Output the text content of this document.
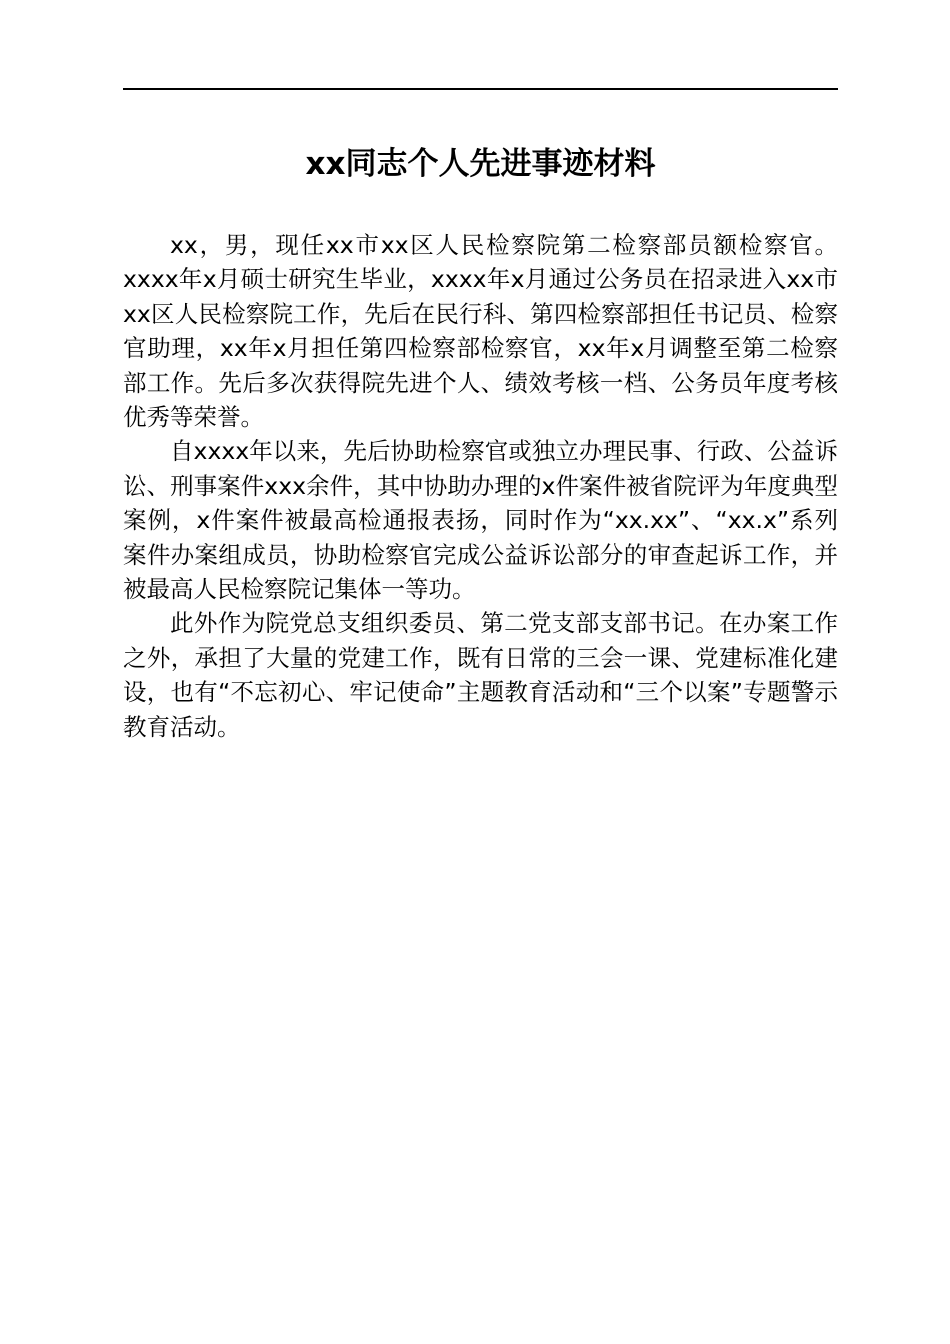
xx同志个人先进事迹材料

xx，男，现任xx市xx区人民检察院第二检察部员额检察官。xxxx年x月硕士研究生毕业，xxxx年x月通过公务员在招录进入xx市xx区人民检察院工作，先后在民行科、第四检察部担任书记员、检察官助理，xx年x月担任第四检察部检察官，xx年x月调整至第二检察部工作。先后多次获得院先进个人、绩效考核一档、公务员年度考核优秀等荣誉。

自xxxx年以来，先后协助检察官或独立办理民事、行政、公益诉讼、刑事案件xxx余件，其中协助办理的x件案件被省院评为年度典型案例，x件案件被最高检通报表扬，同时作为“xx.xx”、“xx.x”系列案件办案组成员，协助检察官完成公益诉讼部分的审查起诉工作，并被最高人民检察院记集体一等功。

此外作为院党总支组织委员、第二党支部支部书记。在办案工作之外，承担了大量的党建工作，既有日常的三会一课、党建标准化建设，也有“不忘初心、牢记使命”主题教育活动和“三个以案”专题警示教育活动。
